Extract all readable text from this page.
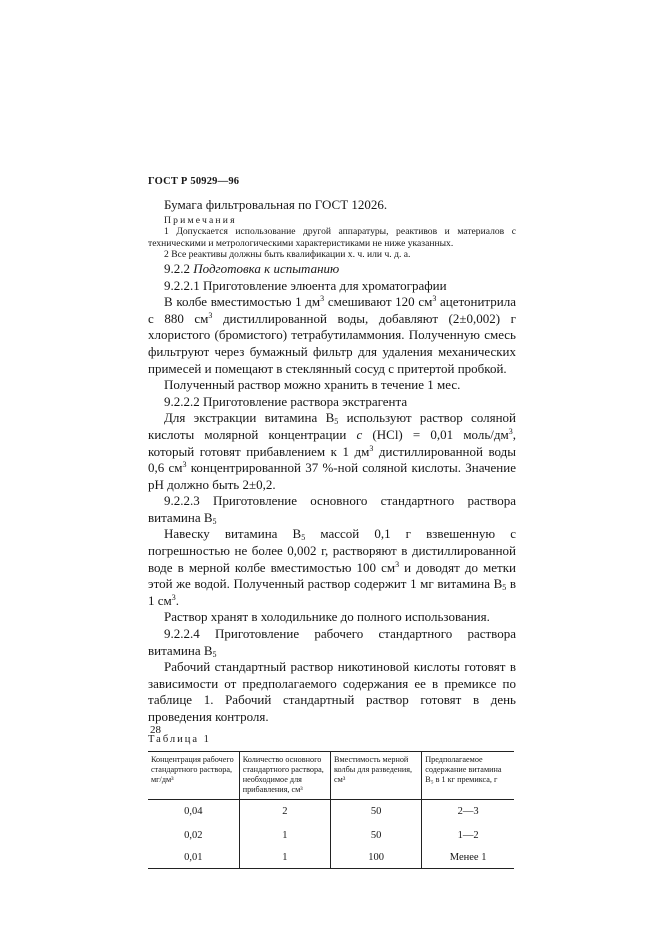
ГОСТ Р 50929—96

Бумага фильтровальная по ГОСТ 12026.

Примечания

1 Допускается использование другой аппаратуры, реактивов и материалов с техническими и метрологическими характеристиками не ниже указанных.

2 Все реактивы должны быть квалификации х. ч. или ч. д. а.

9.2.2 Подготовка к испытанию

9.2.2.1 Приготовление элюента для хроматографии

В колбе вместимостью 1 $дм^3$ смешивают 120 $см^3$ ацетонитрила с 880 $см^3$ дистиллированной воды, добавляют (2±0,002) г хлористого (бромистого) тетрабутиламмония. Полученную смесь фильтруют через бумажный фильтр для удаления механических примесей и помещают в стеклянный сосуд с притертой пробкой.

Полученный раствор можно хранить в течение 1 мес.

9.2.2.2 Приготовление раствора экстрагента

Для экстракции витамина $В_5$ используют раствор соляной кислоты молярной концентрации c (HCl) = 0,01 моль/$дм^3$, который готовят прибавлением к 1 $дм^3$ дистиллированной воды 0,6 $см^3$ концентрированной 37 %-ной соляной кислоты. Значение рН должно быть 2±0,2.

9.2.2.3 Приготовление основного стандартного раствора витамина $В_5$

Навеску витамина $В_5$ массой 0,1 г взвешенную с погрешностью не более 0,002 г, растворяют в дистиллированной воде в мерной колбе вместимостью 100 $см^3$ и доводят до метки этой же водой. Полученный раствор содержит 1 мг витамина $В_5$ в 1 $см^3$.

Раствор хранят в холодильнике до полного использования.

9.2.2.4 Приготовление рабочего стандартного раствора витамина $В_5$

Рабочий стандартный раствор никотиновой кислоты готовят в зависимости от предполагаемого содержания ее в премиксе по таблице 1. Рабочий стандартный раствор готовят в день проведения контроля.

Таблица 1

Концентрация рабочего стандартного раствора, мг/дм³	Количество основного стандартного раствора, необходимое для прибавления, см³	Вместимость мерной колбы для разведения, см³	Предполагаемое содержание витамина В₅ в 1 кг премикса, г
0,04	2	50	2—3
0,02	1	50	1—2
0,01	1	100	Менее 1
28
